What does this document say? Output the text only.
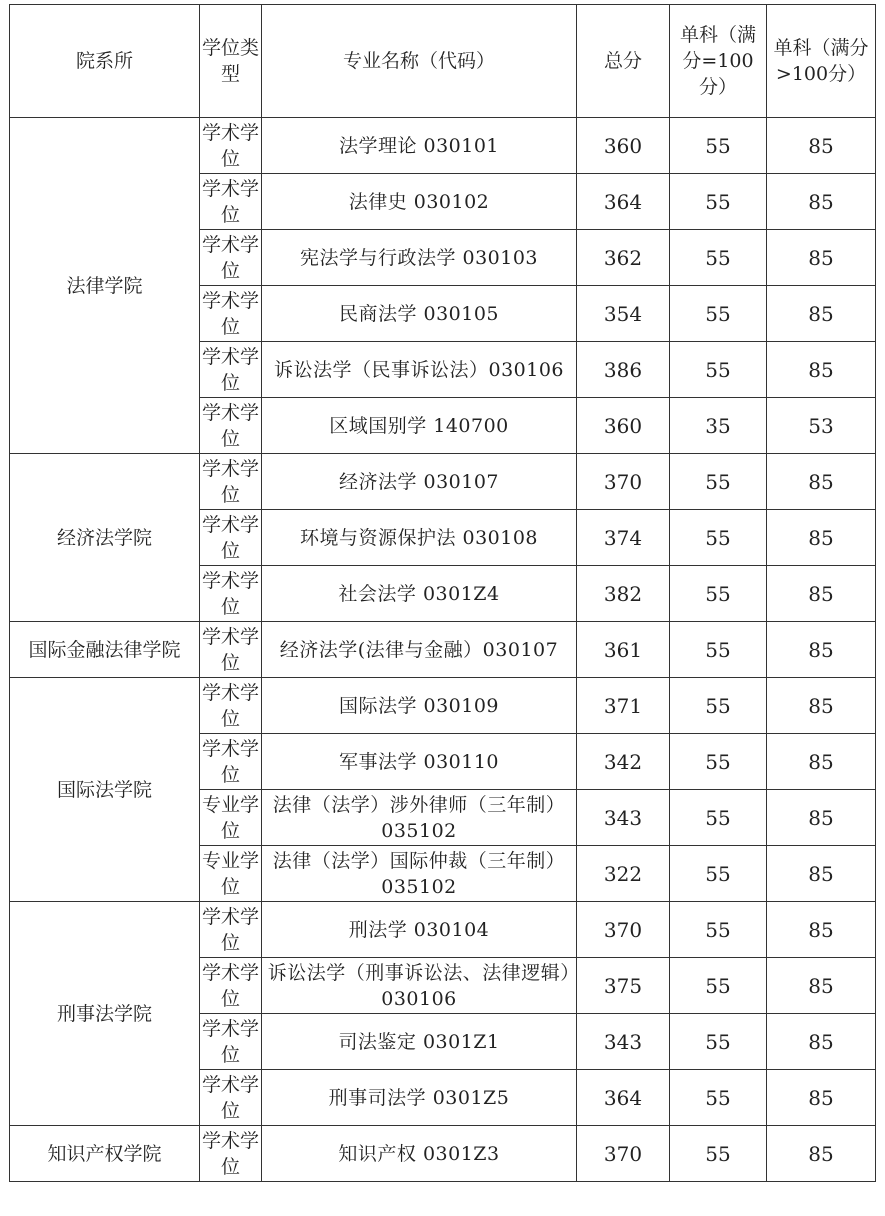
院系所	学位类型	专业名称（代码）	总分	单科（满分=100分）	单科（满分>100分）
法律学院	学术学位	法学理论 030101	360	55	85
	学术学位	法律史 030102	364	55	85
	学术学位	宪法学与行政法学 030103	362	55	85
	学术学位	民商法学 030105	354	55	85
	学术学位	诉讼法学（民事诉讼法）030106	386	55	85
	学术学位	区域国别学 140700	360	35	53
经济法学院	学术学位	经济法学 030107	370	55	85
	学术学位	环境与资源保护法 030108	374	55	85
	学术学位	社会法学 0301Z4	382	55	85
国际金融法律学院	学术学位	经济法学(法律与金融）030107	361	55	85
国际法学院	学术学位	国际法学 030109	371	55	85
	学术学位	军事法学 030110	342	55	85
	专业学位	法律（法学）涉外律师（三年制）035102	343	55	85
	专业学位	法律（法学）国际仲裁（三年制）035102	322	55	85
刑事法学院	学术学位	刑法学 030104	370	55	85
	学术学位	诉讼法学（刑事诉讼法、法律逻辑）030106	375	55	85
	学术学位	司法鉴定 0301Z1	343	55	85
	学术学位	刑事司法学 0301Z5	364	55	85
知识产权学院	学术学位	知识产权 0301Z3	370	55	85
